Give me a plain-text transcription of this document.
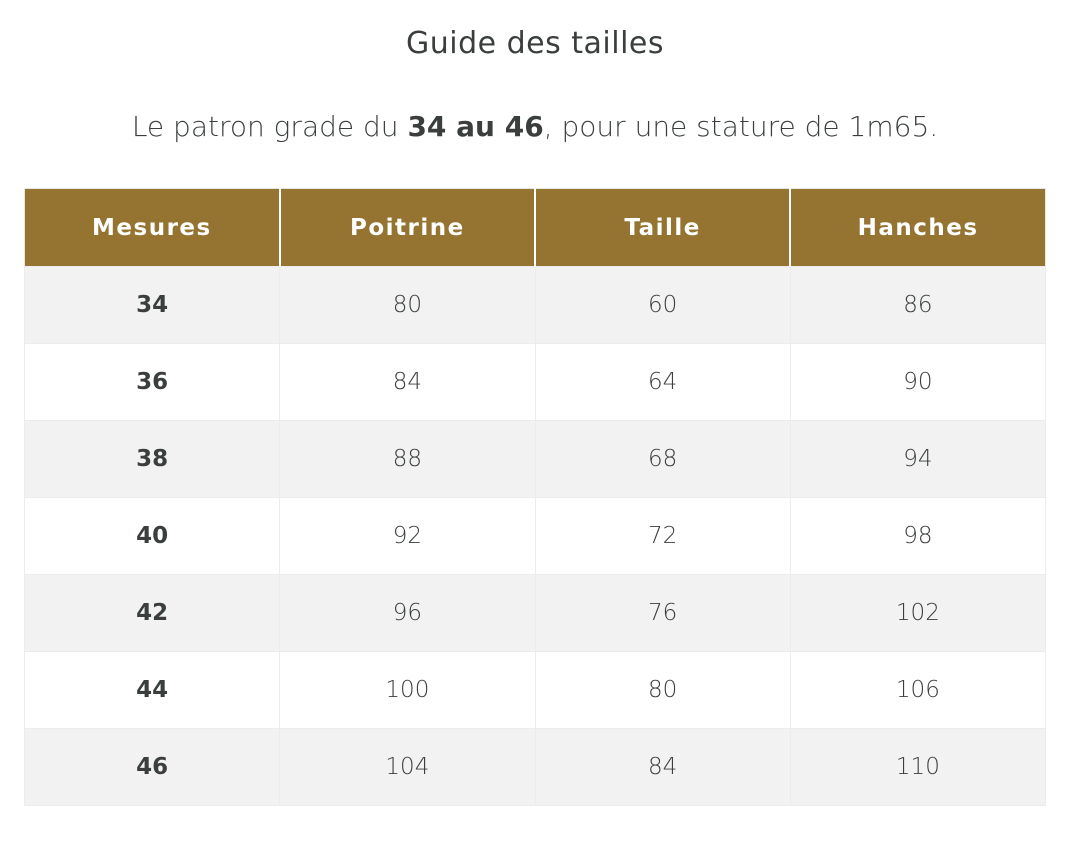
Guide des tailles

Le patron grade du 34 au 46, pour une stature de 1m65.

Mesures	Poitrine	Taille	Hanches
34	80	60	86
36	84	64	90
38	88	68	94
40	92	72	98
42	96	76	102
44	100	80	106
46	104	84	110
